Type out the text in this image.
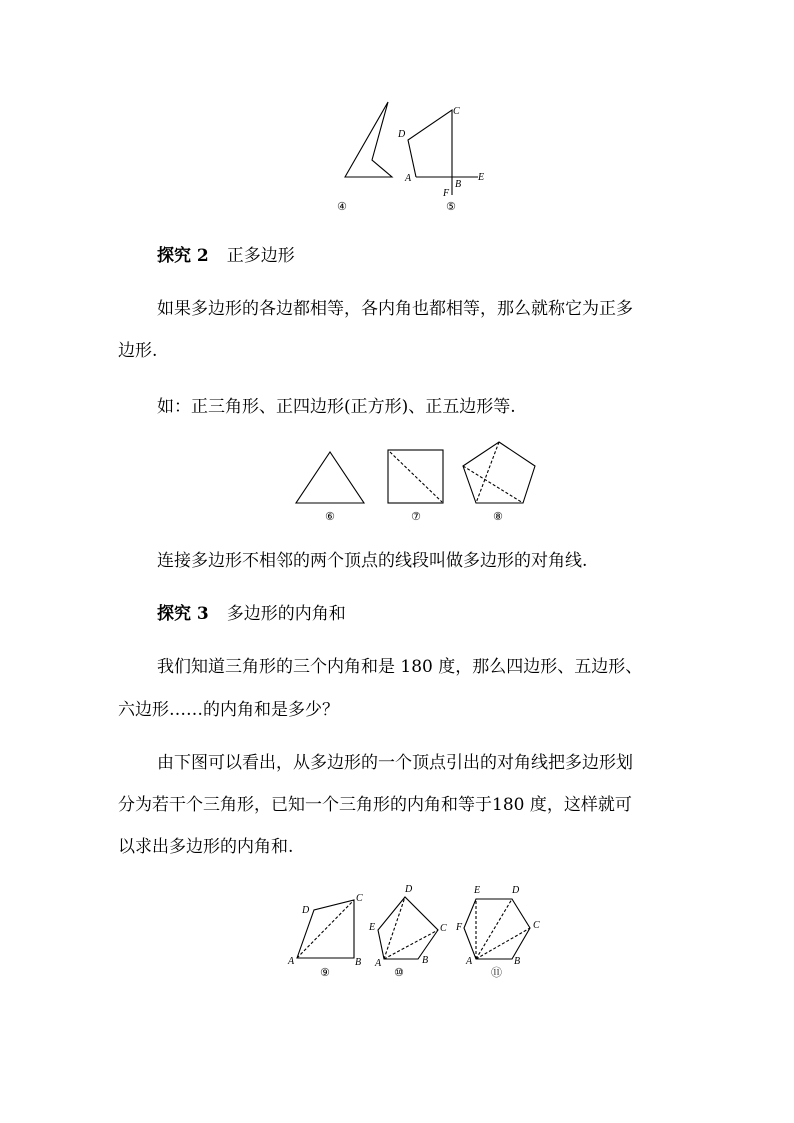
D
C
A
B
E
F
④	⑤
探究 2 正多边形
如果多边形的各边都相等，各内角也都相等，那么就称它为正多
边形.
如：正三角形、正四边形(正方形)、正五边形等.
⑥	⑦	⑧
连接多边形不相邻的两个顶点的线段叫做多边形的对角线.
探究 3 多边形的内角和
我们知道三角形的三个内角和是 180 度，那么四边形、五边形、
六边形……的内角和是多少？
由下图可以看出，从多边形的一个顶点引出的对角线把多边形划
分为若干个三角形，已知一个三角形的内角和等于180 度，这样就可
以求出多边形的内角和.
D
C
A	B
⑨
D
E	C
A	B
⑩
E	D
F	C
A	B
⑪
